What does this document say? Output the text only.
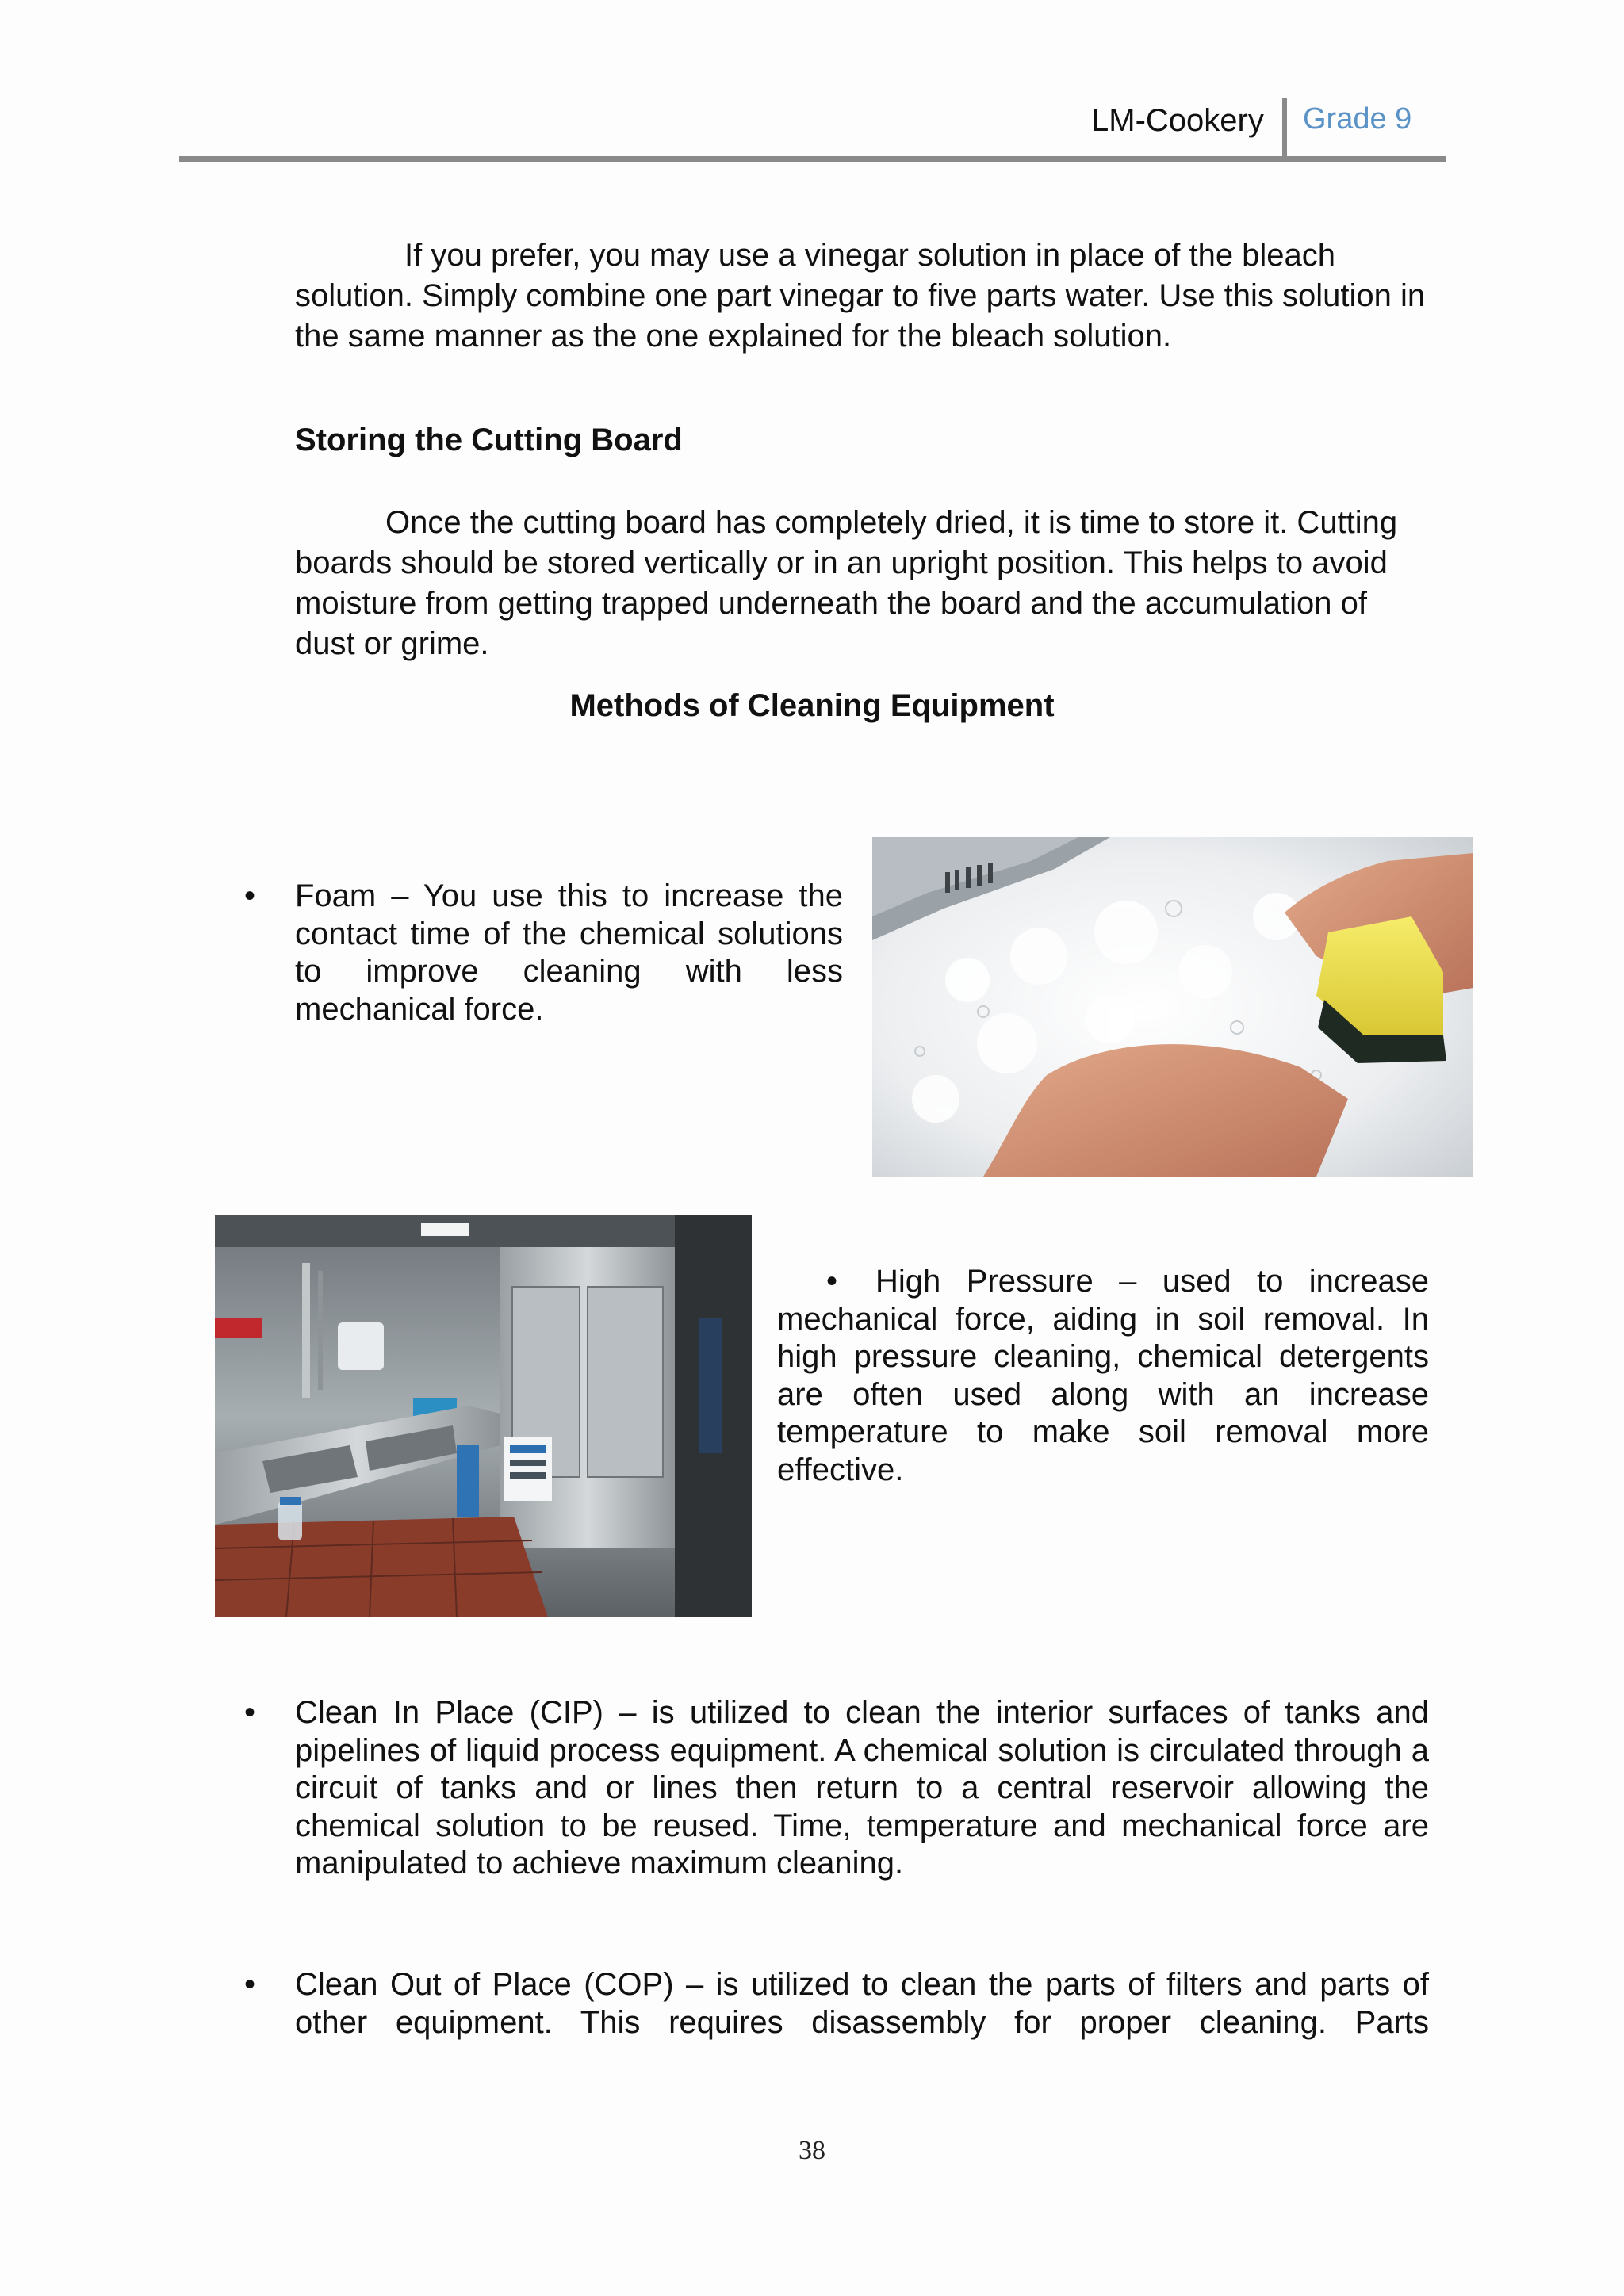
LM-Cookery Grade 9

If you prefer, you may use a vinegar solution in place of the bleach solution. Simply combine one part vinegar to five parts water. Use this solution in the same manner as the one explained for the bleach solution.

Storing the Cutting Board

Once the cutting board has completely dried, it is time to store it. Cutting boards should be stored vertically or in an upright position. This helps to avoid moisture from getting trapped underneath the board and the accumulation of dust or grime.

Methods of Cleaning Equipment

• Foam – You use this to increase the contact time of the chemical solutions to improve cleaning with less mechanical force.

•	High Pressure – used to increase mechanical force, aiding in soil removal. In high pressure cleaning, chemical detergents are often used along with an increase temperature to make soil removal more effective.

• Clean In Place (CIP) – is utilized to clean the interior surfaces of tanks and pipelines of liquid process equipment. A chemical solution is circulated through a circuit of tanks and or lines then return to a central reservoir allowing the chemical solution to be reused. Time, temperature and mechanical force are manipulated to achieve maximum cleaning.

• Clean Out of Place (COP) – is utilized to clean the parts of filters and parts of other equipment. This requires disassembly for proper cleaning. Parts

38
